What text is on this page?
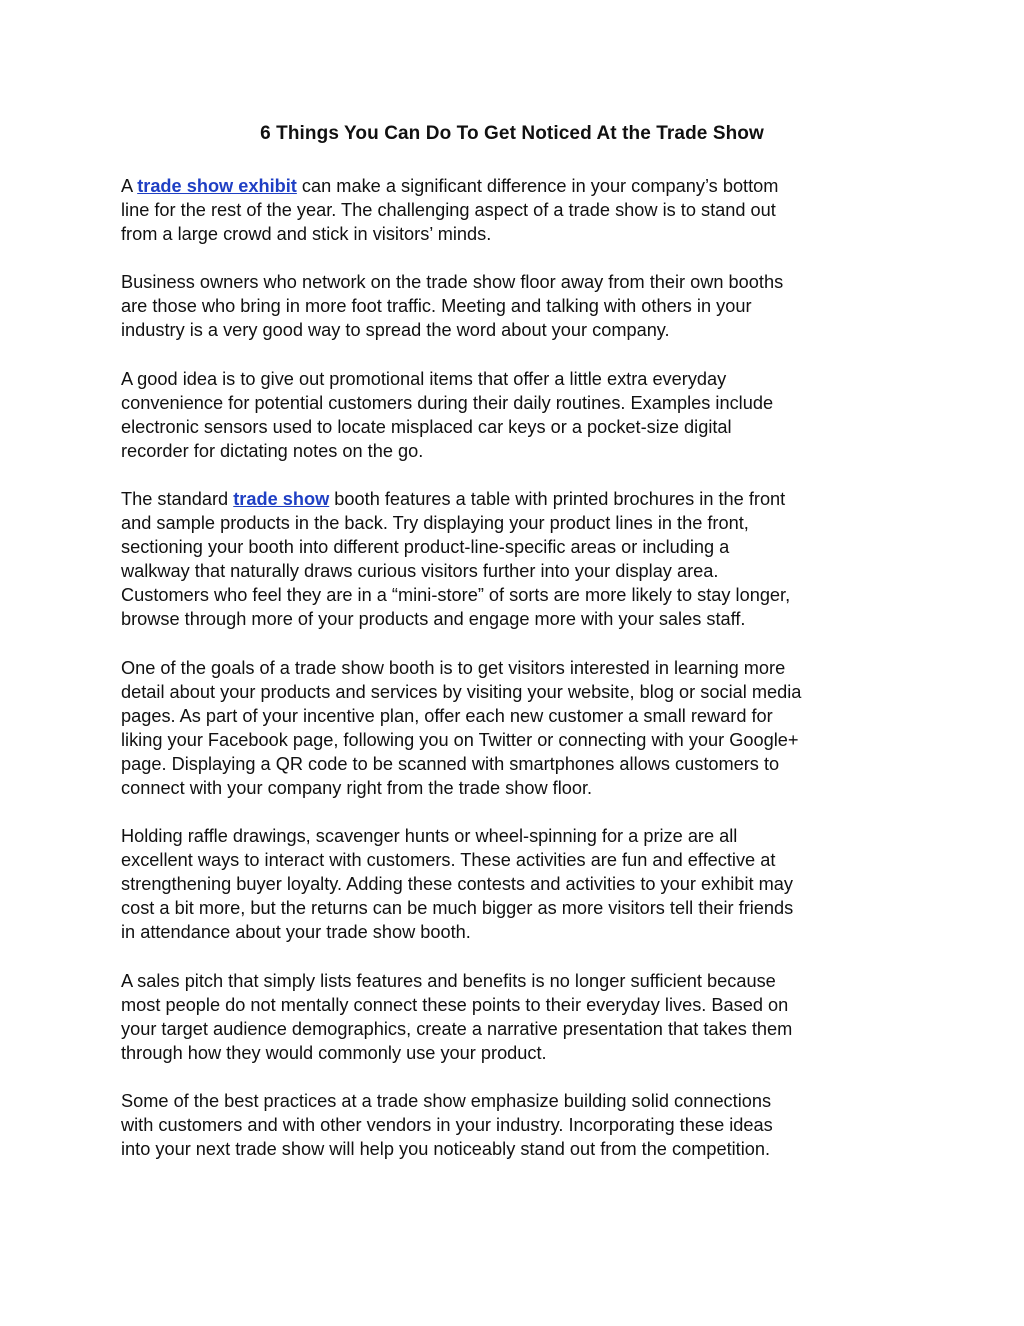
6 Things You Can Do To Get Noticed At the Trade Show

A trade show exhibit can make a significant difference in your company’s bottom
line for the rest of the year. The challenging aspect of a trade show is to stand out
from a large crowd and stick in visitors’ minds.

Business owners who network on the trade show floor away from their own booths
are those who bring in more foot traffic. Meeting and talking with others in your
industry is a very good way to spread the word about your company.

A good idea is to give out promotional items that offer a little extra everyday
convenience for potential customers during their daily routines. Examples include
electronic sensors used to locate misplaced car keys or a pocket-size digital
recorder for dictating notes on the go.

The standard trade show booth features a table with printed brochures in the front
and sample products in the back. Try displaying your product lines in the front,
sectioning your booth into different product-line-specific areas or including a
walkway that naturally draws curious visitors further into your display area.
Customers who feel they are in a “mini-store” of sorts are more likely to stay longer,
browse through more of your products and engage more with your sales staff.

One of the goals of a trade show booth is to get visitors interested in learning more
detail about your products and services by visiting your website, blog or social media
pages. As part of your incentive plan, offer each new customer a small reward for
liking your Facebook page, following you on Twitter or connecting with your Google+
page. Displaying a QR code to be scanned with smartphones allows customers to
connect with your company right from the trade show floor.

Holding raffle drawings, scavenger hunts or wheel-spinning for a prize are all
excellent ways to interact with customers. These activities are fun and effective at
strengthening buyer loyalty. Adding these contests and activities to your exhibit may
cost a bit more, but the returns can be much bigger as more visitors tell their friends
in attendance about your trade show booth.

A sales pitch that simply lists features and benefits is no longer sufficient because
most people do not mentally connect these points to their everyday lives. Based on
your target audience demographics, create a narrative presentation that takes them
through how they would commonly use your product.

Some of the best practices at a trade show emphasize building solid connections
with customers and with other vendors in your industry. Incorporating these ideas
into your next trade show will help you noticeably stand out from the competition.
